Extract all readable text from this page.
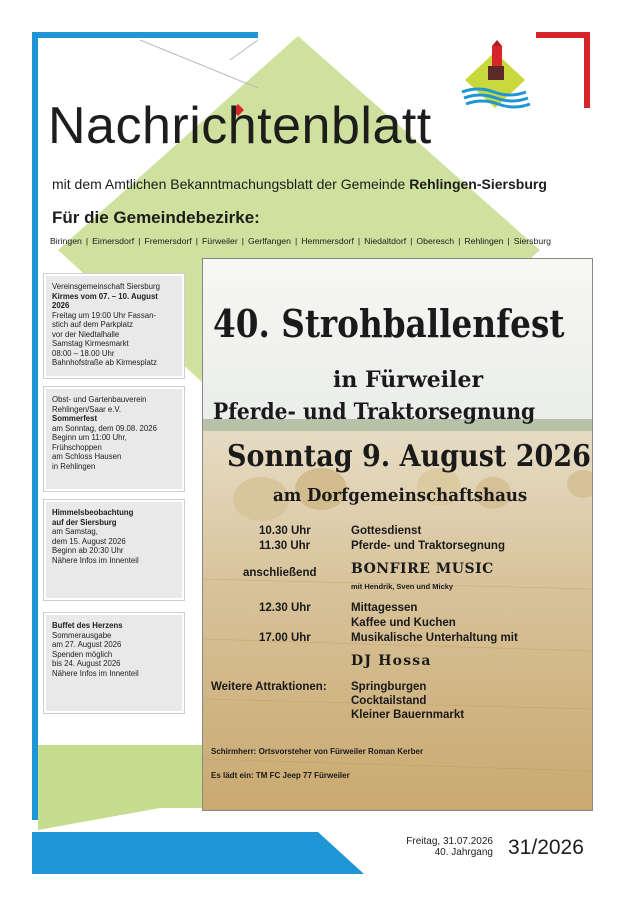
Nachrichtenblatt
mit dem Amtlichen Bekanntmachungsblatt der Gemeinde Rehlingen-Siersburg
Für die Gemeindebezirke:
Biringen | Eimersdorf | Fremersdorf | Fürweiler | Gerlfangen | Hemmersdorf | Niedaltdorf | Oberesch | Rehlingen | Siersburg
Vereinsgemeinschaft Siersburg
Kirmes vom 07. – 10. August
2026
Freitag um 19:00 Uhr Fassan-
stich auf dem Parkplatz
vor der Niedtalhalle
Samstag Kirmesmarkt
08:00 – 18.00 Uhr
Bahnhofstraße ab Kirmesplatz
Obst- und Gartenbauverein
Rehlingen/Saar e.V.
Sommerfest
am Sonntag, dem 09.08. 2026
Beginn um 11:00 Uhr,
Frühschoppen
am Schloss Hausen
in Rehlingen
Himmelsbeobachtung
auf der Siersburg
am Samstag,
dem 15. August 2026
Beginn ab 20:30 Uhr
Nähere Infos im Innenteil
Buffet des Herzens
Sommerausgabe
am 27. August 2026
Spenden möglich
bis 24. August 2026
Nähere Infos im Innenteil
40. Strohballenfest
in Fürweiler
Pferde- und Traktorsegnung
Sonntag 9. August 2026
am Dorfgemeinschaftshaus
10.30 Uhr	Gottesdienst
11.30 Uhr	Pferde- und Traktorsegnung
anschließend BONFIRE MUSIC
mit Hendrik, Sven und Micky
12.30 Uhr	Mittagessen
Kaffee und Kuchen
17.00 Uhr	Musikalische Unterhaltung mit
DJ Hossa
Weitere Attraktionen: Springburgen
Cocktailstand
Kleiner Bauernmarkt
Schirmherr: Ortsvorsteher von Fürweiler Roman Kerber
Es lädt ein: TM FC Jeep 77 Fürweiler
Freitag, 31.07.2026
40. Jahrgang 31/2026
